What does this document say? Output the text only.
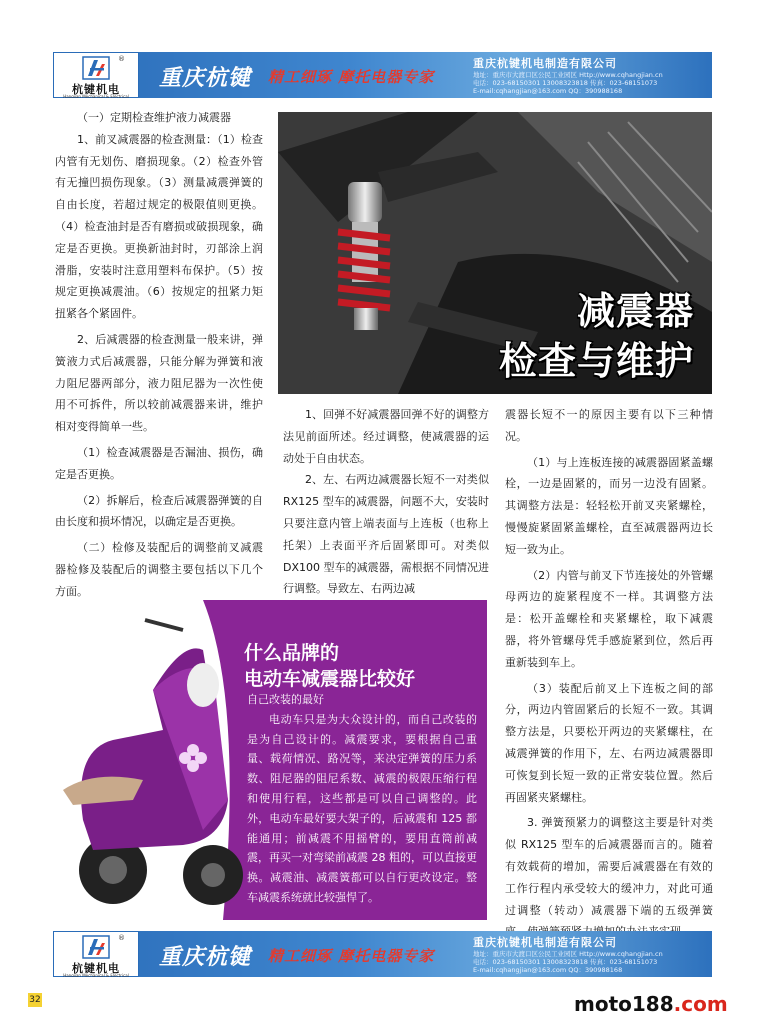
®
杭键机电
Hangjian Mechanical & Electrical
重庆杭键 精工细琢 摩托电器专家
重庆杭键机电制造有限公司
地址：重庆市大渡口区公民工业园区 Http://www.cqhangjian.cn
电话：023-68150301 13008323818 传真：023-68151073
E-mail:cqhangjian@163.com QQ：390988168

（一）定期检查维护液力减震器

1、前叉减震器的检查测量：（1）检查内管有无划伤、磨损现象。（2）检查外管有无撞凹损伤现象。（3）测量减震弹簧的自由长度，若超过规定的极限值则更换。（4）检查油封是否有磨损或破损现象，确定是否更换。更换新油封时，刃部涂上润滑脂，安装时注意用塑料布保护。（5）按规定更换减震油。（6）按规定的扭紧力矩扭紧各个紧固件。

2、后减震器的检查测量一般来讲，弹簧液力式后减震器，只能分解为弹簧和液力阻尼器两部分，液力阻尼器为一次性使用不可拆件，所以较前减震器来讲，维护相对变得简单一些。

（1）检查减震器是否漏油、损伤，确定是否更换。

（2）拆解后，检查后减震器弹簧的自由长度和损坏情况，以确定是否更换。

（二）检修及装配后的调整前叉减震器检修及装配后的调整主要包括以下几个方面。

减震器
检查与维护

1、回弹不好减震器回弹不好的调整方法见前面所述。经过调整，使减震器的运动处于自由状态。

2、左、右两边减震器长短不一对类似 RX125 型车的减震器，问题不大，安装时只要注意内管上端表面与上连板（也称上托架）上表面平齐后固紧即可。对类似 DX100 型车的减震器，需根据不同情况进行调整。导致左、右两边减

震器长短不一的原因主要有以下三种情况。

（1）与上连板连接的减震器固紧盖螺栓，一边是固紧的，而另一边没有固紧。其调整方法是：轻轻松开前叉夹紧螺栓，慢慢旋紧固紧盖螺栓，直至减震器两边长短一致为止。

（2）内管与前叉下节连接处的外管螺母两边的旋紧程度不一样。其调整方法是：松开盖螺栓和夹紧螺栓，取下减震器，将外管螺母凭手感旋紧到位，然后再重新装到车上。

（3）装配后前叉上下连板之间的部分，两边内管固紧后的长短不一致。其调整方法是，只要松开两边的夹紧螺柱，在减震弹簧的作用下，左、右两边减震器即可恢复到长短一致的正常安装位置。然后再固紧夹紧螺柱。

3. 弹簧预紧力的调整这主要是针对类似 RX125 型车的后减震器而言的。随着有效载荷的增加，需要后减震器在有效的工作行程内承受较大的缓冲力，对此可通过调整（转动）减震器下端的五级弹簧

什么品牌的
电动车减震器比较好

自己改装的最好

电动车只是为大众设计的，而自己改装的是为自己设计的。减震要求，要根据自己重量、载荷情况、路况等，来决定弹簧的压力系数、阻尼器的阻尼系数、减震的极限压缩行程和使用行程，这些都是可以自己调整的。此外，电动车最好要大架子的，后减震和 125 都能通用；前减震不用摇臂的，要用直筒前减震，再买一对弯梁前减震 28 粗的，可以直接更换。减震油、减震簧都可以自行更改设定。整车减震系统就比较强悍了。

®
杭键机电
Hangjian Mechanical & Electrical
重庆杭键 精工细琢 摩托电器专家
重庆杭键机电制造有限公司
地址：重庆市大渡口区公民工业园区 Http://www.cqhangjian.cn
电话：023-68150301 13008323818 传真：023-68151073
E-mail:cqhangjian@163.com QQ：390988168
32	moto188.com
